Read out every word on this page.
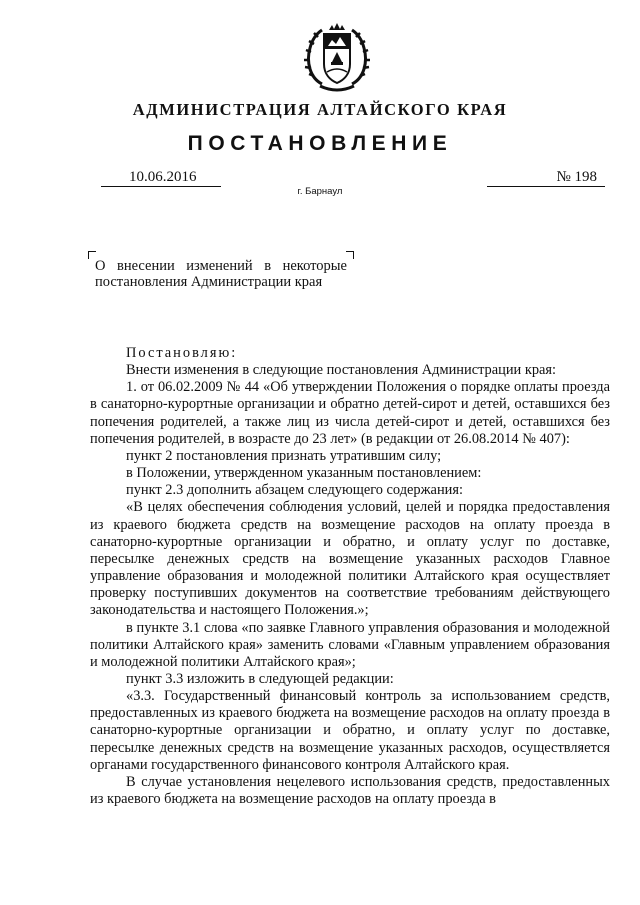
АДМИНИСТРАЦИЯ АЛТАЙСКОГО КРАЯ
ПОСТАНОВЛЕНИЕ
10.06.2016	№ 198
г. Барнаул
О внесении изменений в некоторые
постановления Администрации края

Постановляю:

Внести изменения в следующие постановления Администрации края:

1. от 06.02.2009 № 44 «Об утверждении Положения о порядке оплаты проезда в санаторно-курортные организации и обратно детей-сирот и детей, оставшихся без попечения родителей, а также лиц из числа детей-сирот и детей, оставшихся без попечения родителей, в возрасте до 23 лет» (в редакции от 26.08.2014 № 407):

пункт 2 постановления признать утратившим силу;

в Положении, утвержденном указанным постановлением:

пункт 2.3 дополнить абзацем следующего содержания:

«В целях обеспечения соблюдения условий, целей и порядка предоставления из краевого бюджета средств на возмещение расходов на оплату проезда в санаторно-курортные организации и обратно, и оплату услуг по доставке, пересылке денежных средств на возмещение указанных расходов Главное управление образования и молодежной политики Алтайского края осуществляет проверку поступивших документов на соответствие требованиям действующего законодательства и настоящего Положения.»;

в пункте 3.1 слова «по заявке Главного управления образования и молодежной политики Алтайского края» заменить словами «Главным управлением образования и молодежной политики Алтайского края»;

пункт 3.3 изложить в следующей редакции:

«3.3. Государственный финансовый контроль за использованием средств, предоставленных из краевого бюджета на возмещение расходов на оплату проезда в санаторно-курортные организации и обратно, и оплату услуг по доставке, пересылке денежных средств на возмещение указанных расходов, осуществляется органами государственного финансового контроля Алтайского края.

В случае установления нецелевого использования средств, предоставленных из краевого бюджета на возмещение расходов на оплату проезда в
